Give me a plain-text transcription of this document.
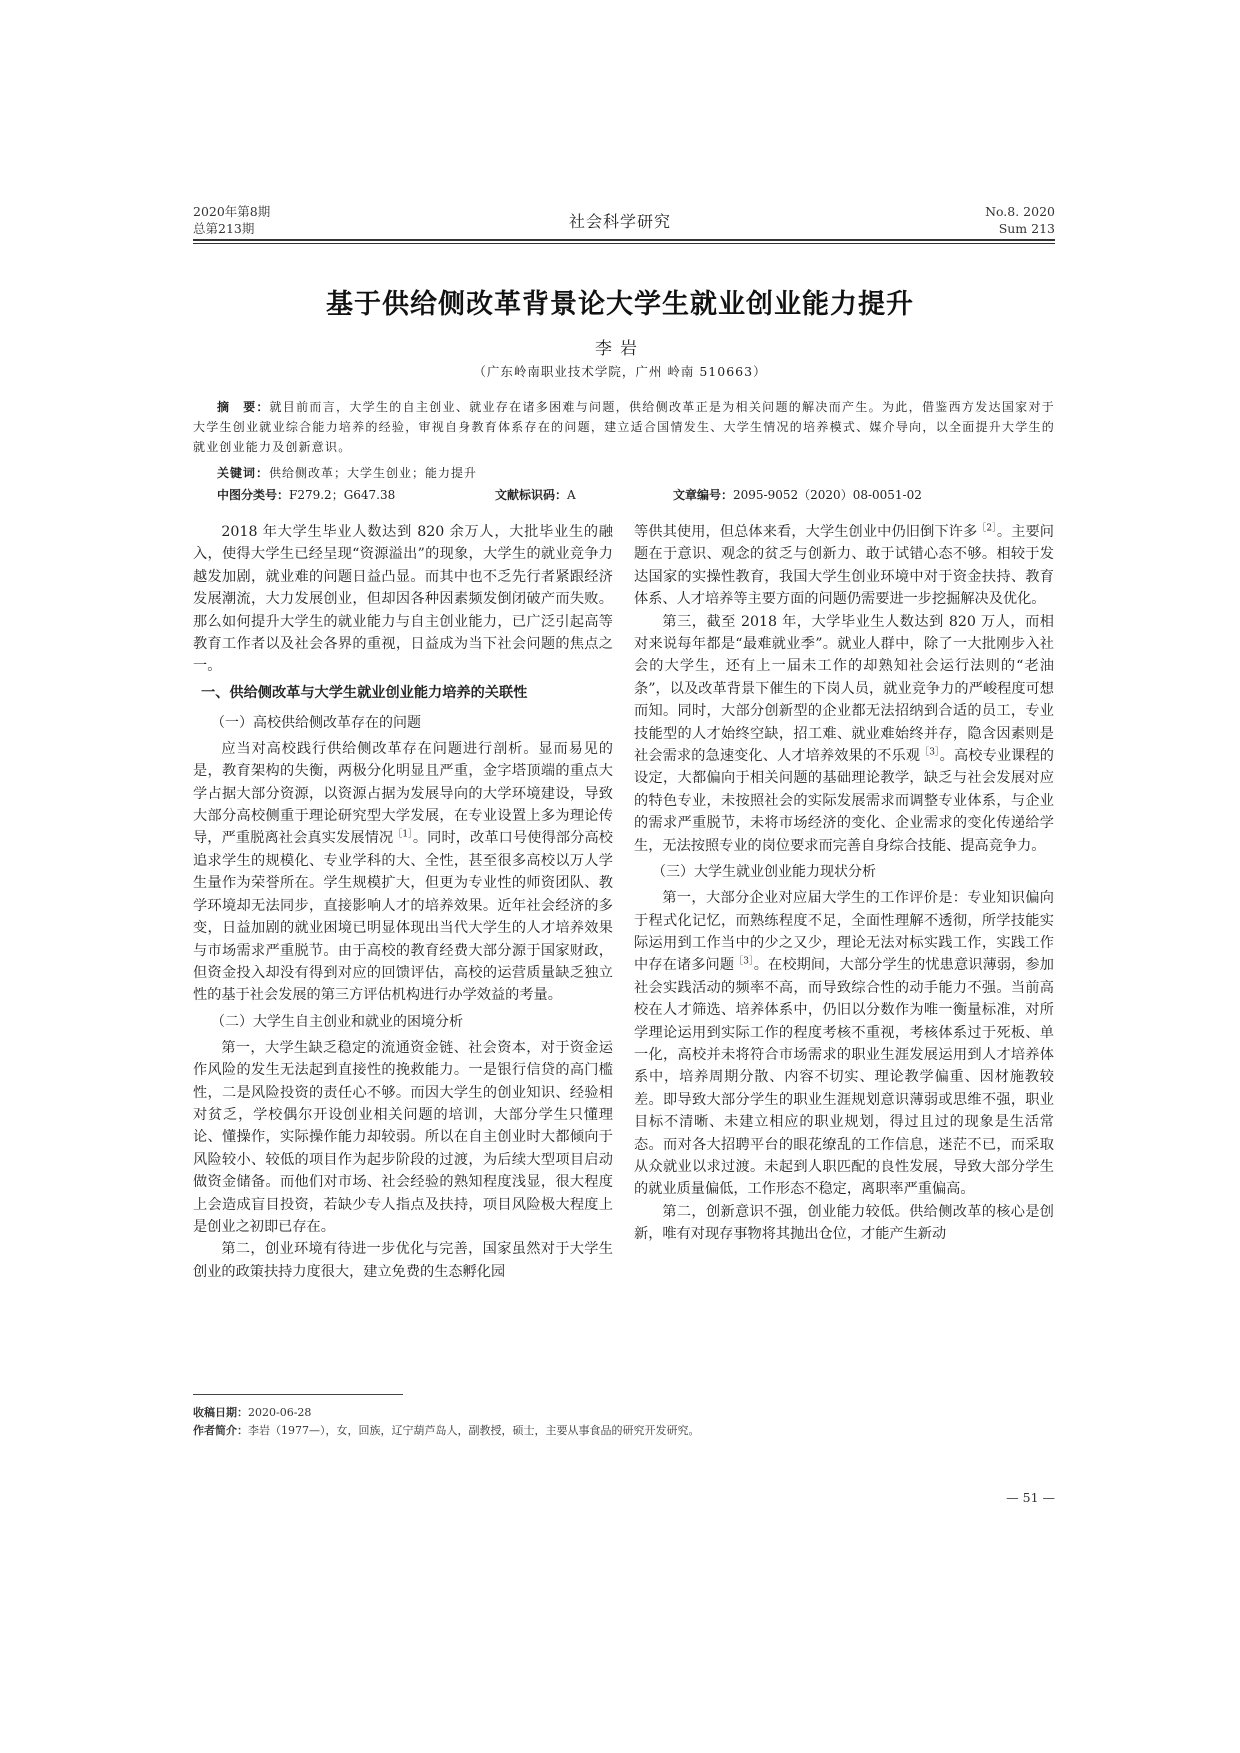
2020年第8期
总第213期	社会科学研究
No.8. 2020
Sum 213
基于供给侧改革背景论大学生就业创业能力提升
李岩
（广东岭南职业技术学院，广州 岭南 510663）
摘　要：就目前而言，大学生的自主创业、就业存在诸多困难与问题，供给侧改革正是为相关问题的解决而产生。为此，借鉴西方发达国家对于大学生创业就业综合能力培养的经验，审视自身教育体系存在的问题，建立适合国情发生、大学生情况的培养模式、媒介导向，以全面提升大学生的就业创业能力及创新意识。
关键词：供给侧改革；大学生创业；能力提升
中图分类号：F279.2；G647.38	文献标识码：A	文章编号：2095-9052（2020）08-0051-02

2018 年大学生毕业人数达到 820 余万人，大批毕业生的融入，使得大学生已经呈现“资源溢出”的现象，大学生的就业竞争力越发加剧，就业难的问题日益凸显。而其中也不乏先行者紧跟经济发展潮流，大力发展创业，但却因各种因素频发倒闭破产而失败。那么如何提升大学生的就业能力与自主创业能力，已广泛引起高等教育工作者以及社会各界的重视，日益成为当下社会问题的焦点之一。

一、供给侧改革与大学生就业创业能力培养的关联性
（一）高校供给侧改革存在的问题

应当对高校践行供给侧改革存在问题进行剖析。显而易见的是，教育架构的失衡，两极分化明显且严重，金字塔顶端的重点大学占据大部分资源，以资源占据为发展导向的大学环境建设，导致大部分高校侧重于理论研究型大学发展，在专业设置上多为理论传导，严重脱离社会真实发展情况$^{[1]}$。同时，改革口号使得部分高校追求学生的规模化、专业学科的大、全性，甚至很多高校以万人学生量作为荣誉所在。学生规模扩大，但更为专业性的师资团队、教学环境却无法同步，直接影响人才的培养效果。近年社会经济的多变，日益加剧的就业困境已明显体现出当代大学生的人才培养效果与市场需求严重脱节。由于高校的教育经费大部分源于国家财政，但资金投入却没有得到对应的回馈评估，高校的运营质量缺乏独立性的基于社会发展的第三方评估机构进行办学效益的考量。

（二）大学生自主创业和就业的困境分析

第一，大学生缺乏稳定的流通资金链、社会资本，对于资金运作风险的发生无法起到直接性的挽救能力。一是银行信贷的高门槛性，二是风险投资的责任心不够。而因大学生的创业知识、经验相对贫乏，学校偶尔开设创业相关问题的培训，大部分学生只懂理论、懂操作，实际操作能力却较弱。所以在自主创业时大都倾向于风险较小、较低的项目作为起步阶段的过渡，为后续大型项目启动做资金储备。而他们对市场、社会经验的熟知程度浅显，很大程度上会造成盲目投资，若缺少专人指点及扶持，项目风险极大程度上是创业之初即已存在。

第二，创业环境有待进一步优化与完善，国家虽然对于大学生创业的政策扶持力度很大，建立免费的生态孵化园

等供其使用，但总体来看，大学生创业中仍旧倒下许多$^{[2]}$。主要问题在于意识、观念的贫乏与创新力、敢于试错心态不够。相较于发达国家的实操性教育，我国大学生创业环境中对于资金扶持、教育体系、人才培养等主要方面的问题仍需要进一步挖掘解决及优化。

第三，截至 2018 年，大学毕业生人数达到 820 万人，而相对来说每年都是“最难就业季”。就业人群中，除了一大批刚步入社会的大学生，还有上一届未工作的却熟知社会运行法则的“老油条”，以及改革背景下催生的下岗人员，就业竞争力的严峻程度可想而知。同时，大部分创新型的企业都无法招纳到合适的员工，专业技能型的人才始终空缺，招工难、就业难始终并存，隐含因素则是社会需求的急速变化、人才培养效果的不乐观$^{[3]}$。高校专业课程的设定，大都偏向于相关问题的基础理论教学，缺乏与社会发展对应的特色专业，未按照社会的实际发展需求而调整专业体系，与企业的需求严重脱节，未将市场经济的变化、企业需求的变化传递给学生，无法按照专业的岗位要求而完善自身综合技能、提高竞争力。

（三）大学生就业创业能力现状分析

第一，大部分企业对应届大学生的工作评价是：专业知识偏向于程式化记忆，而熟练程度不足，全面性理解不透彻，所学技能实际运用到工作当中的少之又少，理论无法对标实践工作，实践工作中存在诸多问题$^{[3]}$。在校期间，大部分学生的忧患意识薄弱，参加社会实践活动的频率不高，而导致综合性的动手能力不强。当前高校在人才筛选、培养体系中，仍旧以分数作为唯一衡量标准，对所学理论运用到实际工作的程度考核不重视，考核体系过于死板、单一化，高校并未将符合市场需求的职业生涯发展运用到人才培养体系中，培养周期分散、内容不切实、理论教学偏重、因材施教较差。即导致大部分学生的职业生涯规划意识薄弱或思维不强，职业目标不清晰、未建立相应的职业规划，得过且过的现象是生活常态。而对各大招聘平台的眼花缭乱的工作信息，迷茫不已，而采取从众就业以求过渡。未起到人职匹配的良性发展，导致大部分学生的就业质量偏低，工作形态不稳定，离职率严重偏高。

第二，创新意识不强，创业能力较低。供给侧改革的核心是创新，唯有对现存事物将其抛出仓位，才能产生新动

收稿日期：2020-06-28
作者简介：李岩（1977—），女，回族，辽宁葫芦岛人，副教授，硕士，主要从事食品的研究开发研究。
— 51 —
